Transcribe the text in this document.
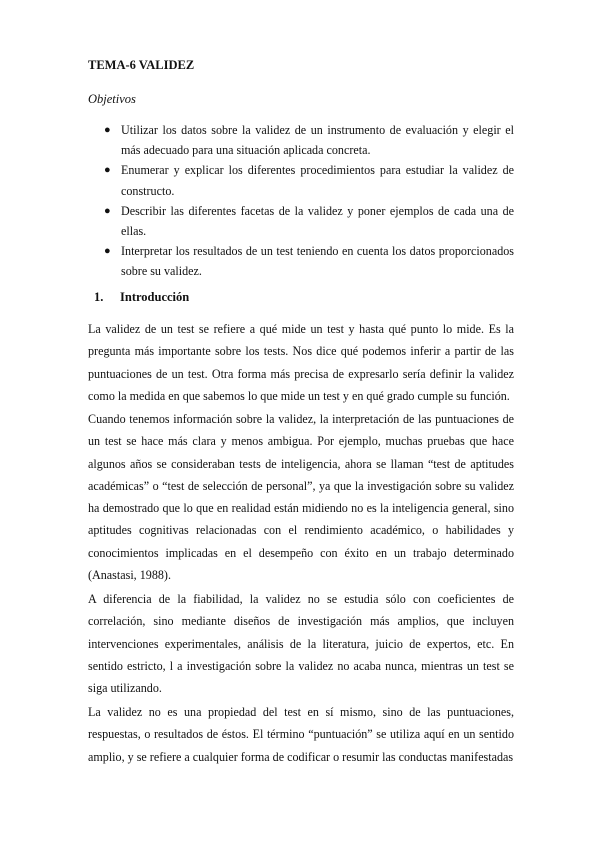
TEMA-6 VALIDEZ

Objetivos

● Utilizar los datos sobre la validez de un instrumento de evaluación y elegir el más adecuado para una situación aplicada concreta.
● Enumerar y explicar los diferentes procedimientos para estudiar la validez de constructo.
● Describir las diferentes facetas de la validez y poner ejemplos de cada una de ellas.
● Interpretar los resultados de un test teniendo en cuenta los datos proporcionados sobre su validez.
1. Introducción

La validez de un test se refiere a qué mide un test y hasta qué punto lo mide. Es la pregunta más importante sobre los tests. Nos dice qué podemos inferir a partir de las puntuaciones de un test. Otra forma más precisa de expresarlo sería definir la validez como la medida en que sabemos lo que mide un test y en qué grado cumple su función.

Cuando tenemos información sobre la validez, la interpretación de las puntuaciones de un test se hace más clara y menos ambigua. Por ejemplo, muchas pruebas que hace algunos años se consideraban tests de inteligencia, ahora se llaman “test de aptitudes académicas” o “test de selección de personal”, ya que la investigación sobre su validez ha demostrado que lo que en realidad están midiendo no es la inteligencia general, sino aptitudes cognitivas relacionadas con el rendimiento académico, o habilidades y conocimientos implicadas en el desempeño con éxito en un trabajo determinado (Anastasi, 1988).

A diferencia de la fiabilidad, la validez no se estudia sólo con coeficientes de correlación, sino mediante diseños de investigación más amplios, que incluyen intervenciones experimentales, análisis de la literatura, juicio de expertos, etc. En sentido estricto, l a investigación sobre la validez no acaba nunca, mientras un test se siga utilizando.

La validez no es una propiedad del test en sí mismo, sino de las puntuaciones, respuestas, o resultados de éstos. El término “puntuación” se utiliza aquí en un sentido amplio, y se refiere a cualquier forma de codificar o resumir las conductas manifestadas
